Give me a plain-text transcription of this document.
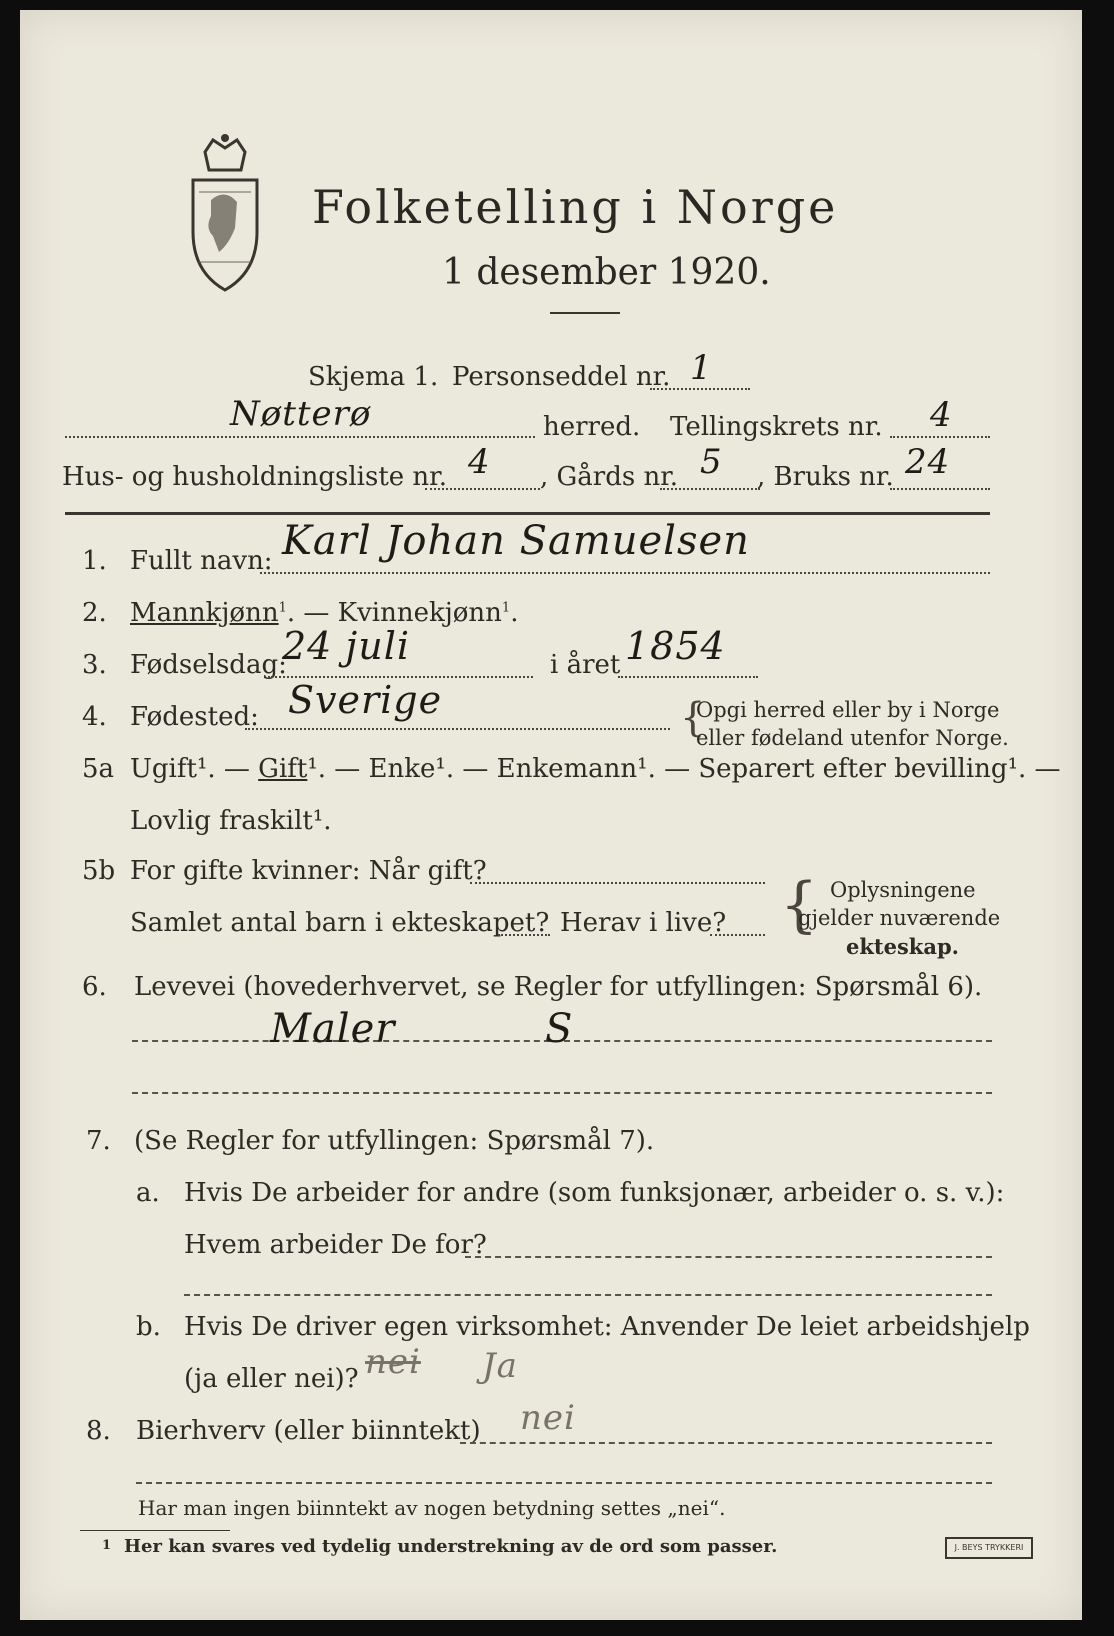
Folketelling i Norge
1 desember 1920.
Skjema 1. Personseddel nr. 1
Nøtterø	herred. Tellingskrets nr. 4
Hus- og husholdningsliste nr. 4 , Gårds nr. 5 , Bruks nr. 24
1. Fullt navn: Karl Johan Samuelsen
2. Mannkjønn$^1$. — Kvinnekjønn$^1$.
3. Fødselsdag:
24 juli	i året 1854
4. Fødested: Sverige	{
Opgi herred eller by i Norge
eller fødeland utenfor Norge.
5a Ugift¹. — Gift¹. — Enke¹. — Enkemann¹. — Separert efter bevilling¹. —
Lovlig fraskilt¹.
5b For gifte kvinner: Når gift?
Samlet antal barn i ekteskapet? Herav i live? { Oplysningene
gjelder nuværende
ekteskap.
6. Levevei (hovederhvervet, se Regler for utfyllingen: Spørsmål 6).
Maler	S
7. (Se Regler for utfyllingen: Spørsmål 7).
a. Hvis De arbeider for andre (som funksjonær, arbeider o. s. v.):
Hvem arbeider De for?
b. Hvis De driver egen virksomhet: Anvender De leiet arbeidshjelp
(ja eller nei)? nei Ja
8. Bierhverv (eller biinntekt) nei
Har man ingen biinntekt av nogen betydning settes „nei“.
1 Her kan svares ved tydelig understrekning av de ord som passer.	J. BEYS TRYKKERI
